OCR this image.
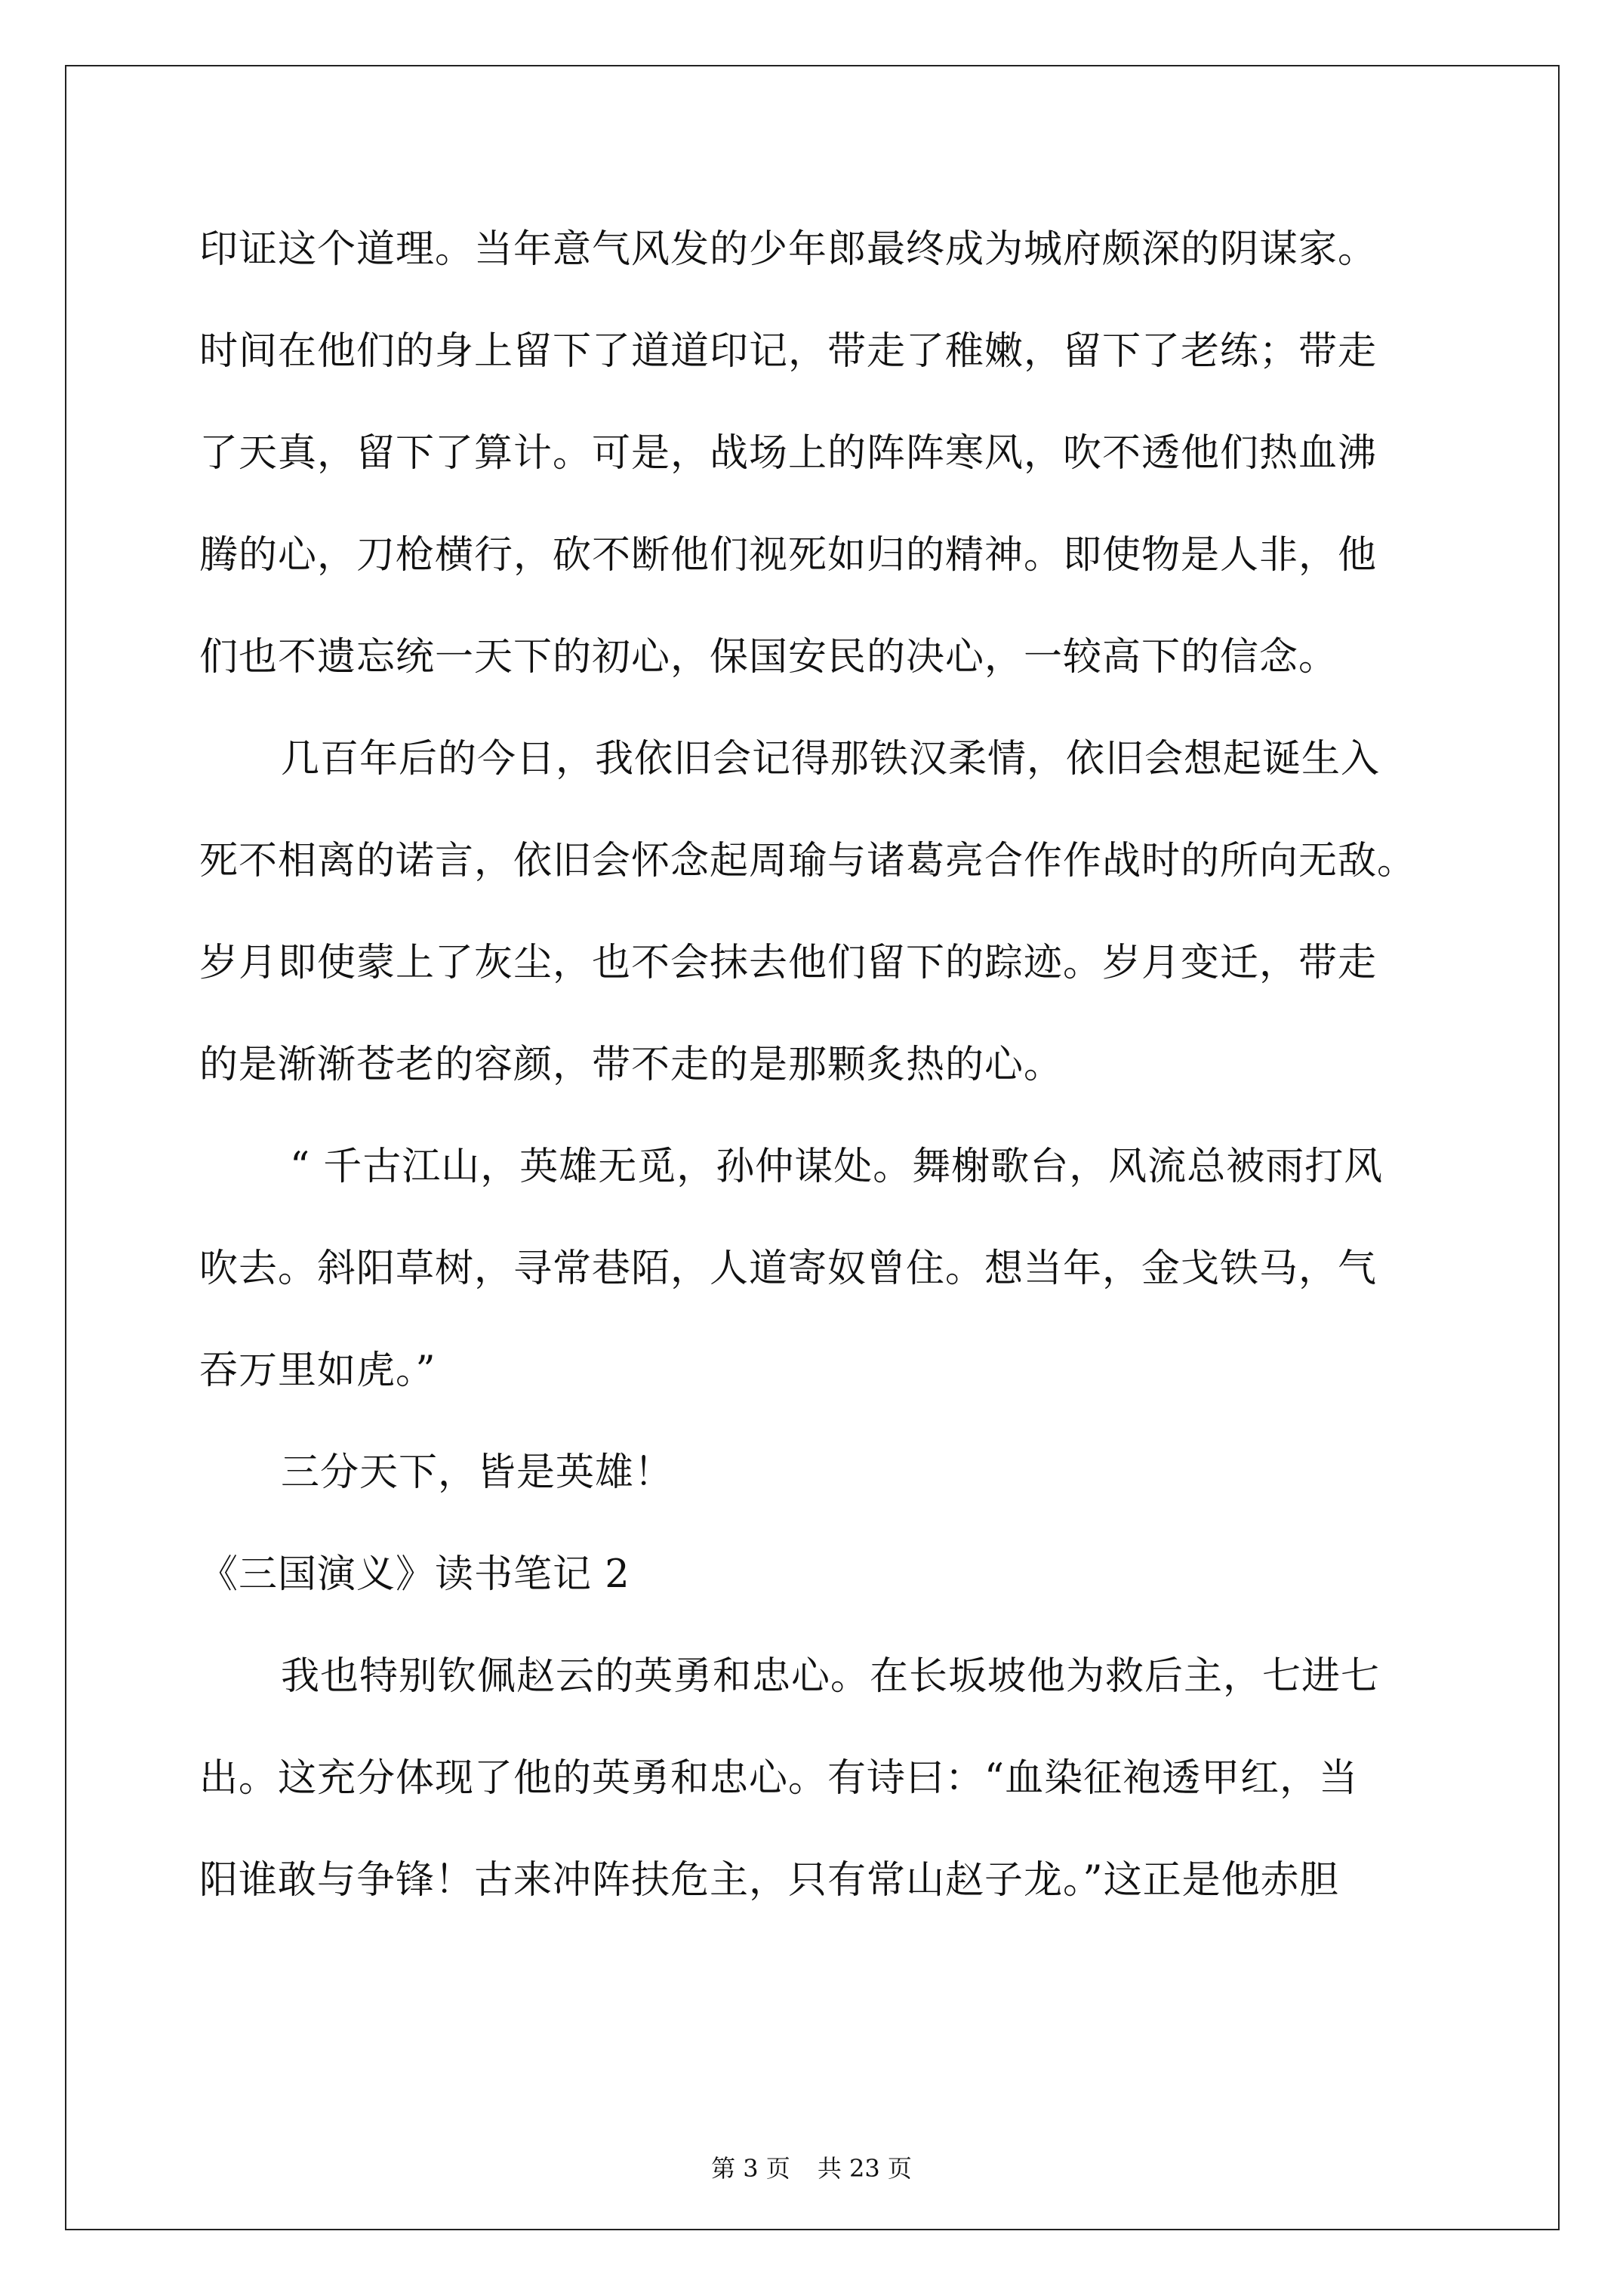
印证这个道理。当年意气风发的少年郎最终成为城府颇深的阴谋家。
时间在他们的身上留下了道道印记，带走了稚嫩，留下了老练；带走
了天真，留下了算计。可是，战场上的阵阵寒风，吹不透他们热血沸
腾的心，刀枪横行，砍不断他们视死如归的精神。即使物是人非，他
们也不遗忘统一天下的初心，保国安民的决心，一较高下的信念。
几百年后的今日，我依旧会记得那铁汉柔情，依旧会想起诞生入
死不相离的诺言，依旧会怀念起周瑜与诸葛亮合作作战时的所向无敌。
岁月即使蒙上了灰尘，也不会抹去他们留下的踪迹。岁月变迁，带走
的是渐渐苍老的容颜，带不走的是那颗炙热的心。
“ 千古江山，英雄无觅，孙仲谋处。舞榭歌台，风流总被雨打风
吹去。斜阳草树，寻常巷陌，人道寄奴曾住。想当年，金戈铁马，气
吞万里如虎。”
三分天下，皆是英雄！
《三国演义》读书笔记 2
我也特别钦佩赵云的英勇和忠心。在长坂坡他为救后主，七进七
出。这充分体现了他的英勇和忠心。有诗曰：“血染征袍透甲红，当
阳谁敢与争锋！古来冲阵扶危主，只有常山赵子龙。”这正是他赤胆
第 3 页 共 23 页
